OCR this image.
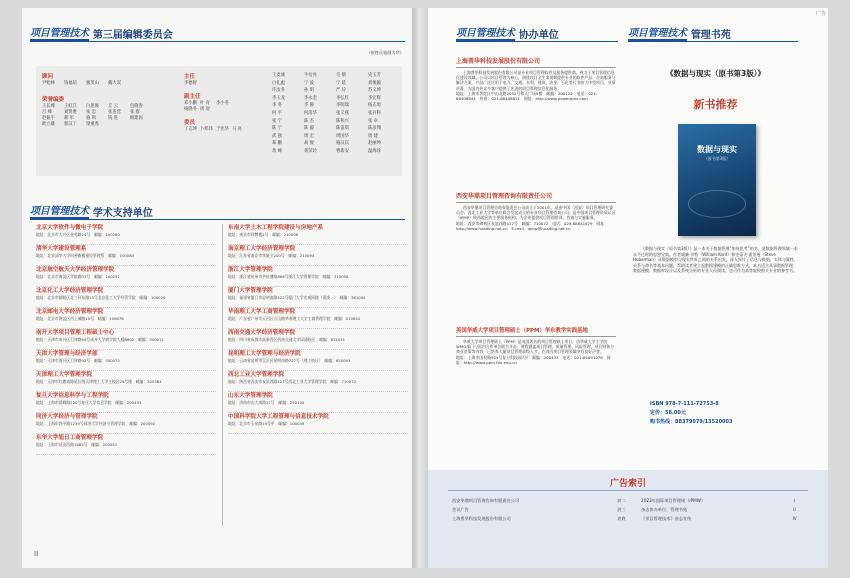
项目管理技术 第三届编辑委员会
（按姓氏笔画为序）
顾问
尹贻林	钱福培	强茂山	戴大双
荣誉编委
王长峰	王虹江	白思俊	丘 云	包晓春
吕 峰	刘贤胜	张 忠	张连营	张 群
赵振宇	郝 军	骆 珣	钱 进	顾建国
欧立雄	郭汉丁	梁重秀
主任
李德智
副主任
邓小鹏 叶 青	李小冬
杨晓冬 周 迎
委员
丁志坤 卜炜玮 于宪华 马 亮
王麦诚	牛衍亮	毛 鹤	史玉芳
白礼彪	宁 波	宁 延	刘俊颖
许汝冬	孙 明	严 玲	苏义坤
李玉龙	李永奎	李弘红	李宏辉
李 冬	李 静	李明瑞	杨志勇
何 平	何清华	张义燕	张兵科
张 宁	陈 杰	陈和兴	张 卓
陈 宁	陈 毅	陈雷琪	陈彦翔
武 强	周 宏	周国华	周 建
郑 鹏	胡 俊	骆汉宾	赵丽坤
黄 峰	黄荣玲	曹新安	温海珍
项目管理技术 学术支持单位
北京大学软件与微电子学院
地址：北京市大兴区金苑路24号　邮编：100260
清华大学建设管理系
地址：北京清华大学何善衡楼建设管理系　邮编：100084
北京航空航天大学经济管理学院
地址：北京市海淀区学院路37号　邮编：100191
北京化工大学经济管理学院
地址：北京市朝阳区北三环东路15号北京化工大学经管学院　邮编：100029
北京邮电大学经济管理学院
地址：北京市海淀区西土城路10号　邮编：100876
南开大学项目管理工程硕士中心
地址：天津市南开区卫津路94号南开大学商学院大楼B602　邮编：300071
天津大学管理与经济学部
地址：天津市南开区卫津路92号　邮编：300072
天津理工大学管理学院
地址：天津市红旗南路延长线天津理工大学主校区25号楼　邮编：300384
复旦大学信息科学与工程学院
地址：上海市邯郸路220号复旦大学信息学院　邮编：200433
同济大学经济与管理学院
地址：上海市四平路1239号同济大学经济与管理学院　邮编：200092
东华大学旭日工商管理学院
地址：上海市延安西路1882号　邮编：200051
东南大学土木工程学院建设与房地产系
地址：南京市四牌楼2号　邮编：210096
南京理工大学经济管理学院
地址：江苏省南京市孝陵卫200号　邮编：210094
浙江大学管理学院
地址：浙江省杭州市余杭塘路866号浙江大学管理学院　邮编：310058
厦门大学管理学院
地址：福建省厦门市思明南路422号厦门大学宏观网楼（嘉庚一）　邮编：361005
华南理工大学工商管理学院
地址：广东省广州市天河区五山路华南理工大学工商管理学院　邮编：510640
西南交通大学经济管理学院
地址：四川省成都市高新西区西南交通大学犀浦校区　邮编：611031
昆明理工大学管理与经济学院
地址：云南省昆明市呈贡区景明南路727号（理工校区）　邮编：650093
西北工业大学管理学院
地址：陕西省西安市友谊西路127号西北工业大学管理学院　邮编：710072
山东大学管理学院
地址：济南市山大南路27号　邮编：250100
中国科学院大学工程管理与信息技术学院
地址：北京市玉泉路19号甲　邮编：100049
II
广告
项目管理技术 协办单位	项目管理技术 管理书苑
上海普华科技发展股份有限公司
上海普华科技发展股份有限公司是专业项目管理软件及服务提供商，致力于项目管理信息化建设领域。公司以项目管理为核心，围绕项目全生命周期提供专业的软件产品、咨询服务与解决方案，产品广泛应用于电力、交通、水利、建筑、冶金、石化等行业的大中型项目，业绩卓著，为国内外众多客户提供了先进的项目管理信息化服务。
地址：上海市普陀区中山北路2052号擎天广场9楼　邮编：200122　电话：021-68408841　传真：021-68408811　网址：http://www.powerpms.com
西安华鼎项目管理咨询有限责任公司
西安华鼎项目管理咨询有限责任公司成立于2001年，是由中国（西安）项目管理研究委员会、西北工业大学等单位联合发起成立的专业项目管理咨询公司，是中国项目管理资质认证（IPMP）陕西地区的主要服务机构，为企业提供项目管理培训、咨询与实施服务。
地址：西安市碑林区友谊西路127号　邮编：710072　电话：029-88851679　网址：http://www.huading.net.cn　E-mail：ipmp@huading.net.cn
英国华威大学项目管理硕士（PPM）华东教学实践基地
华威大学项目管理硕士（PPM）是英国著名的项目管理硕士项目，由华威大学工学院WMG部门与国内合作单位联合开办，课程涵盖项目管理、质量管理、风险管理、项目财务与商业决策等内容，已培养大量项目管理高级人才，在国内项目管理领域享有良好声誉。
地址：上海市国权路525号复旦科技园7层　邮编：200433　电话：021-65091078　网址：http://www.ppm.fdu.edu.cn
《数据与现实（原书第3版）》
新书推荐
数据与现实
（原书第3版）
《数据与现实（原书第3版）》是一本关于数据管理“如何思考”的书，是数据管理领域一本永不过时的思想宝典。作者威廉·肯特（William Kent）和史蒂夫·霍伯曼（Steve Hoberman）从数据模型与现实世界之间的关系出发，深入探讨了信息与数据、实体与属性、关系与命名等基本问题，帮助读者建立起数据建模的正确思维方式。本书适合从事数据管理、数据建模、数据库设计以及系统分析的专业人员阅读，也可作为高等院校相关专业的参考书。
ISBN 978-7-111-72753-8
定价：58.00元
购书热线：88379079/13520003
广告索引
西安华鼎项目管理咨询有限责任公司	封二	2023年国际项目管理周（IPMW）	I
会议广告	封三	杂志协办单位、管理书苑	II
上海普华科技发展股份有限公司	封底	《项目管理技术》杂志宣传	IV
